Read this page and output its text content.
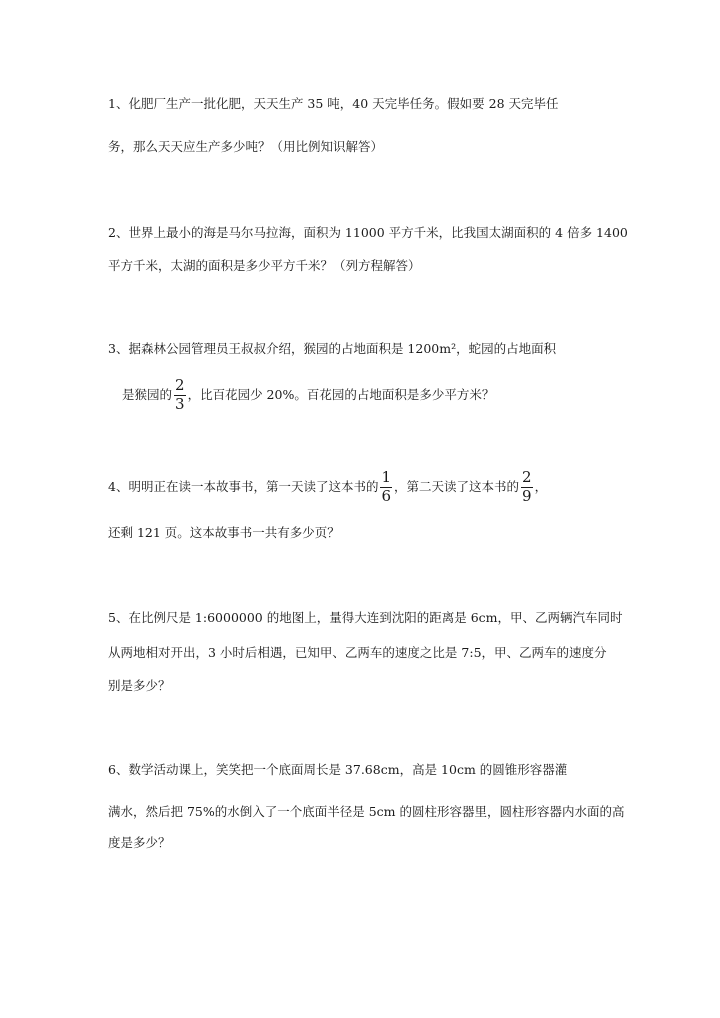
1、化肥厂生产一批化肥，天天生产 35 吨，40 天完毕任务。假如要 28 天完毕任
务，那么天天应生产多少吨？（用比例知识解答）
2、世界上最小的海是马尔马拉海，面积为 11000 平方千米，比我国太湖面积的 4 倍多 1400
平方千米，太湖的面积是多少平方千米？（列方程解答）
3、据森林公园管理员王叔叔介绍，猴园的占地面积是 1200m²，蛇园的占地面积
是猴园的 $\frac{2}{3}$ ，比百花园少 20%。百花园的占地面积是多少平方米？
4、明明正在读一本故事书，第一天读了这本书的 $\frac{1}{6}$ ，第二天读了这本书的 $\frac{2}{9}$ ，
还剩 121 页。这本故事书一共有多少页？
5、在比例尺是 1:6000000 的地图上，量得大连到沈阳的距离是 6cm，甲、乙两辆汽车同时
从两地相对开出，3 小时后相遇，已知甲、乙两车的速度之比是 7:5，甲、乙两车的速度分
别是多少？
6、数学活动课上，笑笑把一个底面周长是 37.68cm，高是 10cm 的圆锥形容器灌
满水，然后把 75%的水倒入了一个底面半径是 5cm 的圆柱形容器里，圆柱形容器内水面的高
度是多少？
